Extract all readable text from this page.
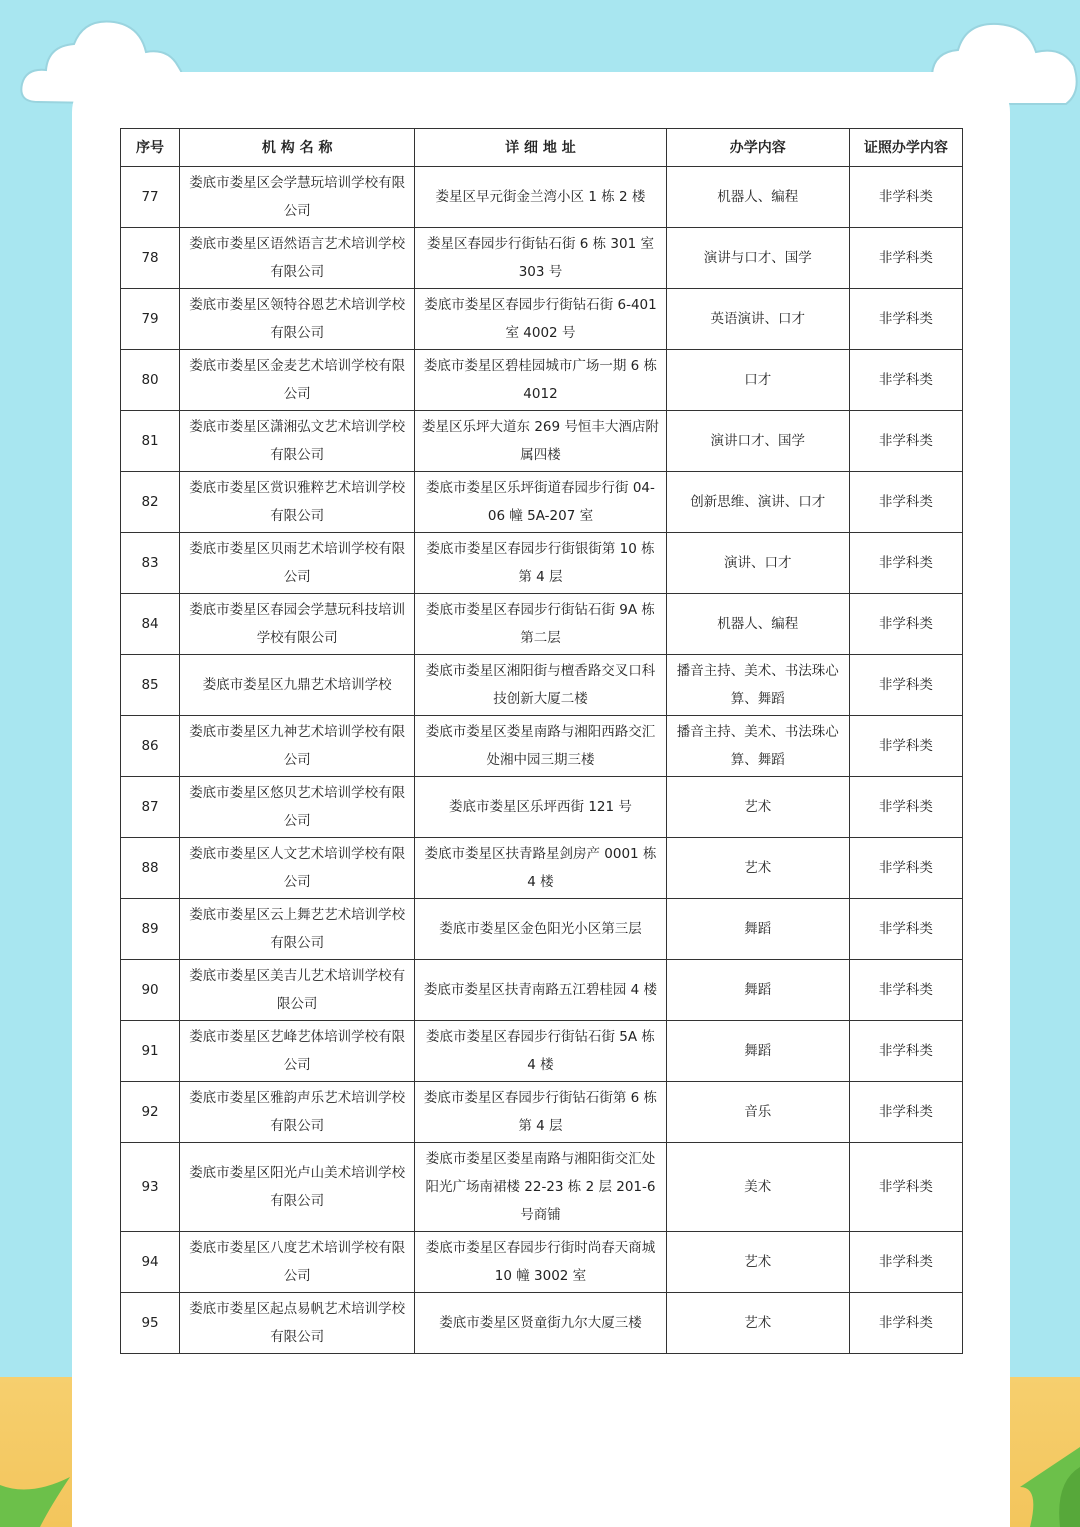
序号	机 构 名 称	详 细 地 址	办学内容	证照办学内容
77	娄底市娄星区会学慧玩培训学校有限公司	娄星区早元街金兰湾小区 1 栋 2 楼	机器人、编程	非学科类
78	娄底市娄星区语然语言艺术培训学校有限公司	娄星区春园步行街钻石街 6 栋 301 室 303 号	演讲与口才、国学	非学科类
79	娄底市娄星区领特谷恩艺术培训学校有限公司	娄底市娄星区春园步行街钻石街 6-401 室 4002 号	英语演讲、口才	非学科类
80	娄底市娄星区金麦艺术培训学校有限公司	娄底市娄星区碧桂园城市广场一期 6 栋 4012	口才	非学科类
81	娄底市娄星区潇湘弘文艺术培训学校有限公司	娄星区乐坪大道东 269 号恒丰大酒店附属四楼	演讲口才、国学	非学科类
82	娄底市娄星区赏识雅粹艺术培训学校有限公司	娄底市娄星区乐坪街道春园步行街 04-06 幢 5A-207 室	创新思维、演讲、口才	非学科类
83	娄底市娄星区贝雨艺术培训学校有限公司	娄底市娄星区春园步行街银街第 10 栋第 4 层	演讲、口才	非学科类
84	娄底市娄星区春园会学慧玩科技培训学校有限公司	娄底市娄星区春园步行街钻石街 9A 栋第二层	机器人、编程	非学科类
85	娄底市娄星区九鼎艺术培训学校	娄底市娄星区湘阳街与檀香路交叉口科技创新大厦二楼	播音主持、美术、书法珠心算、舞蹈	非学科类
86	娄底市娄星区九神艺术培训学校有限公司	娄底市娄星区娄星南路与湘阳西路交汇处湘中园三期三楼	播音主持、美术、书法珠心算、舞蹈	非学科类
87	娄底市娄星区悠贝艺术培训学校有限公司	娄底市娄星区乐坪西街 121 号	艺术	非学科类
88	娄底市娄星区人文艺术培训学校有限公司	娄底市娄星区扶青路星剑房产 0001 栋 4 楼	艺术	非学科类
89	娄底市娄星区云上舞艺艺术培训学校有限公司	娄底市娄星区金色阳光小区第三层	舞蹈	非学科类
90	娄底市娄星区美吉儿艺术培训学校有限公司	娄底市娄星区扶青南路五江碧桂园 4 楼	舞蹈	非学科类
91	娄底市娄星区艺峰艺体培训学校有限公司	娄底市娄星区春园步行街钻石街 5A 栋 4 楼	舞蹈	非学科类
92	娄底市娄星区雅韵声乐艺术培训学校有限公司	娄底市娄星区春园步行街钻石街第 6 栋第 4 层	音乐	非学科类
93	娄底市娄星区阳光卢山美术培训学校有限公司	娄底市娄星区娄星南路与湘阳街交汇处阳光广场南裙楼 22-23 栋 2 层 201-6 号商铺	美术	非学科类
94	娄底市娄星区八度艺术培训学校有限公司	娄底市娄星区春园步行街时尚春天商城 10 幢 3002 室	艺术	非学科类
95	娄底市娄星区起点易帆艺术培训学校有限公司	娄底市娄星区贤童街九尔大厦三楼	艺术	非学科类
